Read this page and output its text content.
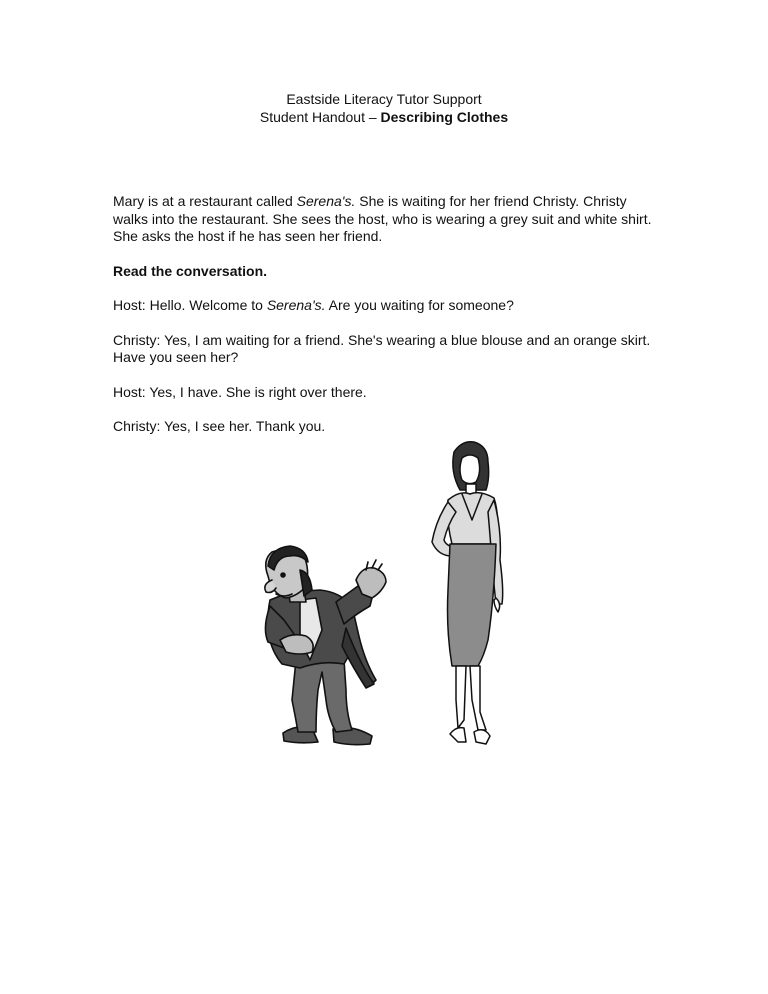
Eastside Literacy Tutor Support
Student Handout – Describing Clothes

Mary is at a restaurant called Serena's. She is waiting for her friend Christy. Christy walks into the restaurant. She sees the host, who is wearing a grey suit and white shirt. She asks the host if he has seen her friend.

Read the conversation.

Host: Hello. Welcome to Serena's. Are you waiting for someone?

Christy: Yes, I am waiting for a friend. She's wearing a blue blouse and an orange skirt. Have you seen her?

Host: Yes, I have. She is right over there.

Christy: Yes, I see her. Thank you.
